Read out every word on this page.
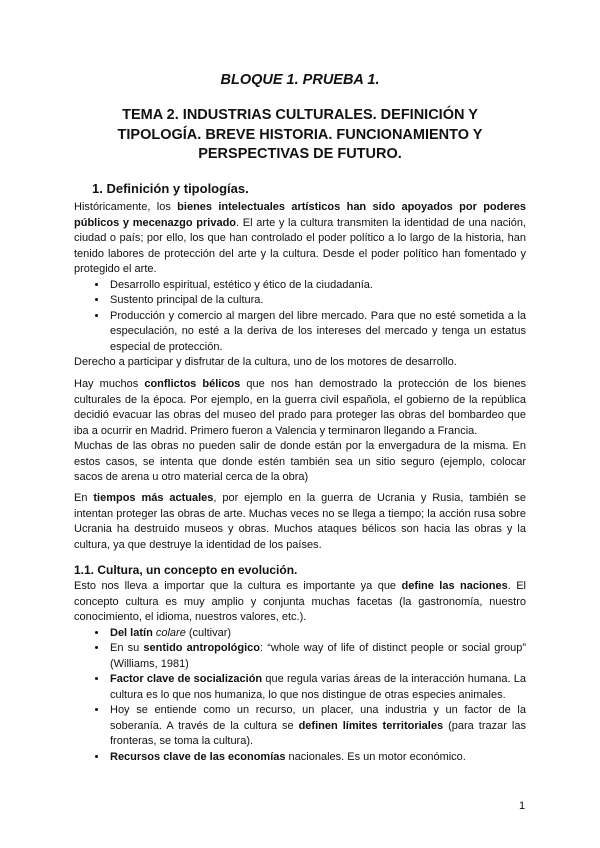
BLOQUE 1. PRUEBA 1.
TEMA 2. INDUSTRIAS CULTURALES. DEFINICIÓN Y TIPOLOGÍA. BREVE HISTORIA. FUNCIONAMIENTO Y PERSPECTIVAS DE FUTURO.
1. Definición y tipologías.

Históricamente, los bienes intelectuales artísticos han sido apoyados por poderes públicos y mecenazgo privado. El arte y la cultura transmiten la identidad de una nación, ciudad o país; por ello, los que han controlado el poder político a lo largo de la historia, han tenido labores de protección del arte y la cultura. Desde el poder político han fomentado y protegido el arte.

• Desarrollo espiritual, estético y ético de la ciudadanía.
• Sustento principal de la cultura.
• Producción y comercio al margen del libre mercado. Para que no esté sometida a la especulación, no esté a la deriva de los intereses del mercado y tenga un estatus especial de protección.

Derecho a participar y disfrutar de la cultura, uno de los motores de desarrollo.

Hay muchos conflictos bélicos que nos han demostrado la protección de los bienes culturales de la época. Por ejemplo, en la guerra civil española, el gobierno de la república decidió evacuar las obras del museo del prado para proteger las obras del bombardeo que iba a ocurrir en Madrid. Primero fueron a Valencia y terminaron llegando a Francia.

Muchas de las obras no pueden salir de donde están por la envergadura de la misma. En estos casos, se intenta que donde estén también sea un sitio seguro (ejemplo, colocar sacos de arena u otro material cerca de la obra)

En tiempos más actuales, por ejemplo en la guerra de Ucrania y Rusia, también se intentan proteger las obras de arte. Muchas veces no se llega a tiempo; la acción rusa sobre Ucrania ha destruido museos y obras. Muchos ataques bélicos son hacia las obras y la cultura, ya que destruye la identidad de los países.

1.1. Cultura, un concepto en evolución.

Esto nos lleva a importar que la cultura es importante ya que define las naciones. El concepto cultura es muy amplio y conjunta muchas facetas (la gastronomía, nuestro conocimiento, el idioma, nuestros valores, etc.).

• Del latín colare (cultivar)
• En su sentido antropológico: “whole way of life of distinct people or social group” (Williams, 1981)
• Factor clave de socialización que regula varias áreas de la interacción humana. La cultura es lo que nos humaniza, lo que nos distingue de otras especies animales.
• Hoy se entiende como un recurso, un placer, una industria y un factor de la soberanía. A través de la cultura se definen límites territoriales (para trazar las fronteras, se toma la cultura).
• Recursos clave de las economías nacionales. Es un motor económico.
1
